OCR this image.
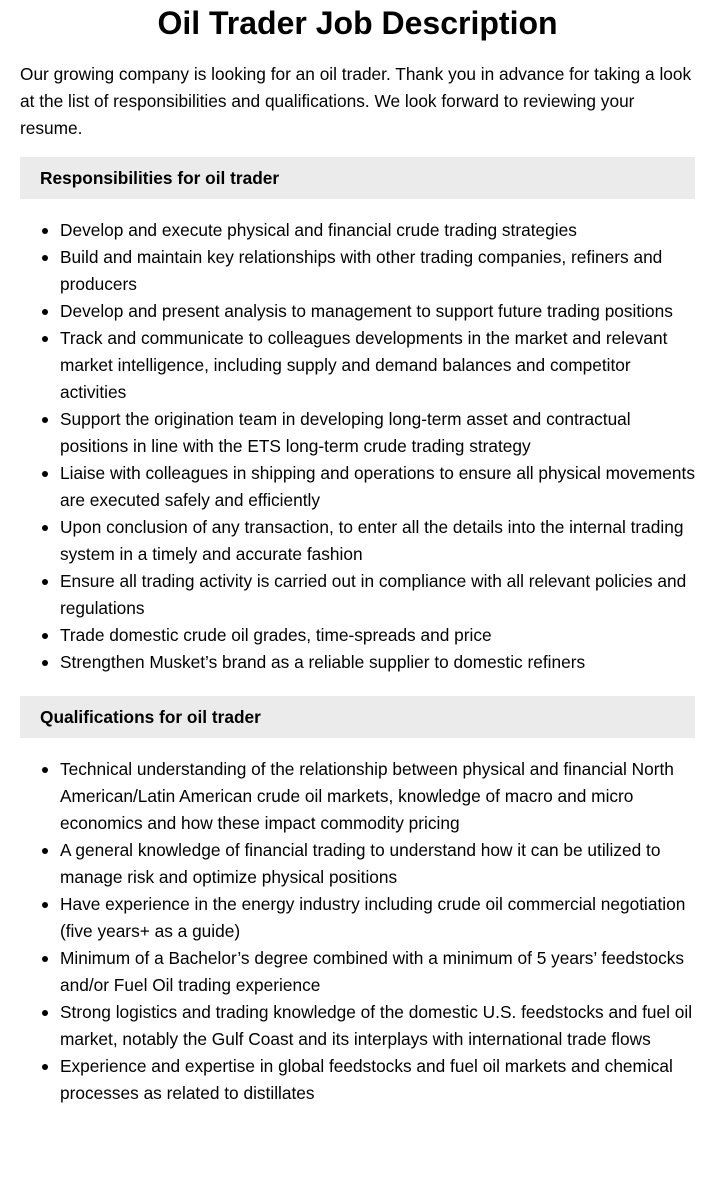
Oil Trader Job Description

Our growing company is looking for an oil trader. Thank you in advance for taking a look at the list of responsibilities and qualifications. We look forward to reviewing your resume.

Responsibilities for oil trader
Develop and execute physical and financial crude trading strategies
Build and maintain key relationships with other trading companies, refiners and producers
Develop and present analysis to management to support future trading positions
Track and communicate to colleagues developments in the market and relevant market intelligence, including supply and demand balances and competitor activities
Support the origination team in developing long-term asset and contractual positions in line with the ETS long-term crude trading strategy
Liaise with colleagues in shipping and operations to ensure all physical movements are executed safely and efficiently
Upon conclusion of any transaction, to enter all the details into the internal trading system in a timely and accurate fashion
Ensure all trading activity is carried out in compliance with all relevant policies and regulations
Trade domestic crude oil grades, time-spreads and price
Strengthen Musket’s brand as a reliable supplier to domestic refiners
Qualifications for oil trader
Technical understanding of the relationship between physical and financial North American/Latin American crude oil markets, knowledge of macro and micro economics and how these impact commodity pricing
A general knowledge of financial trading to understand how it can be utilized to manage risk and optimize physical positions
Have experience in the energy industry including crude oil commercial negotiation (five years+ as a guide)
Minimum of a Bachelor’s degree combined with a minimum of 5 years’ feedstocks and/or Fuel Oil trading experience
Strong logistics and trading knowledge of the domestic U.S. feedstocks and fuel oil market, notably the Gulf Coast and its interplays with international trade flows
Experience and expertise in global feedstocks and fuel oil markets and chemical processes as related to distillates
